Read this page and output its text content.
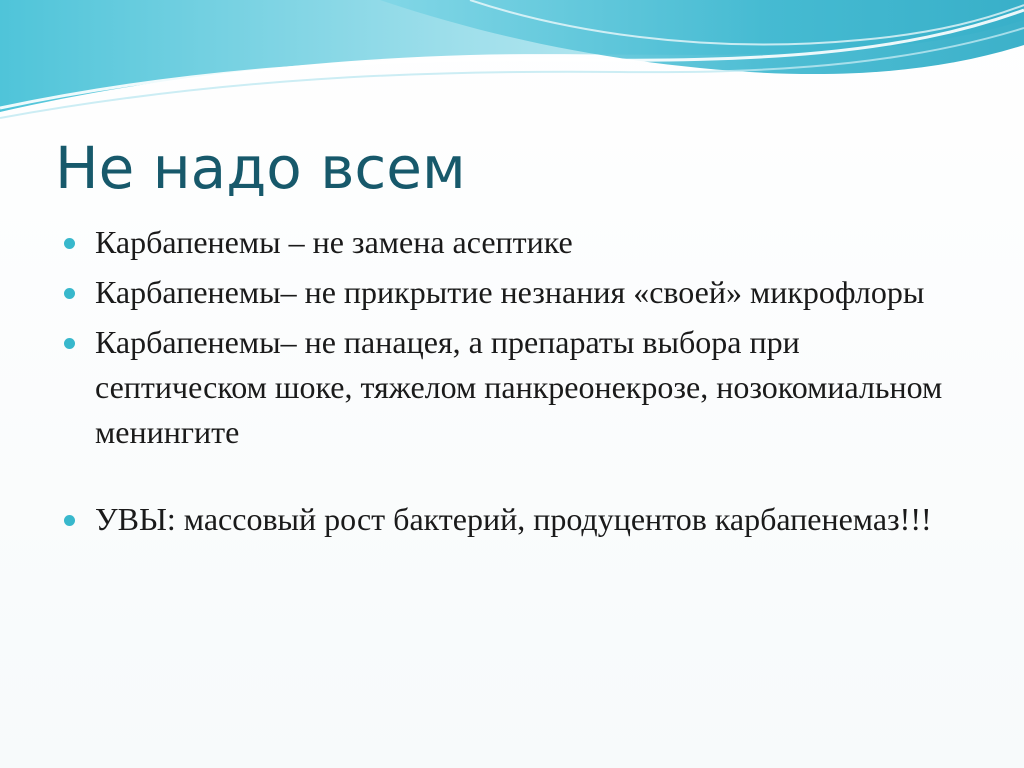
Не надо всем
Карбапенемы – не замена асептике
Карбапенемы– не прикрытие незнания «своей» микрофлоры
Карбапенемы– не панацея, а препараты выбора при септическом шоке, тяжелом панкреонекрозе, нозокомиальном менингите
УВЫ: массовый рост бактерий, продуцентов карбапенемаз!!!
